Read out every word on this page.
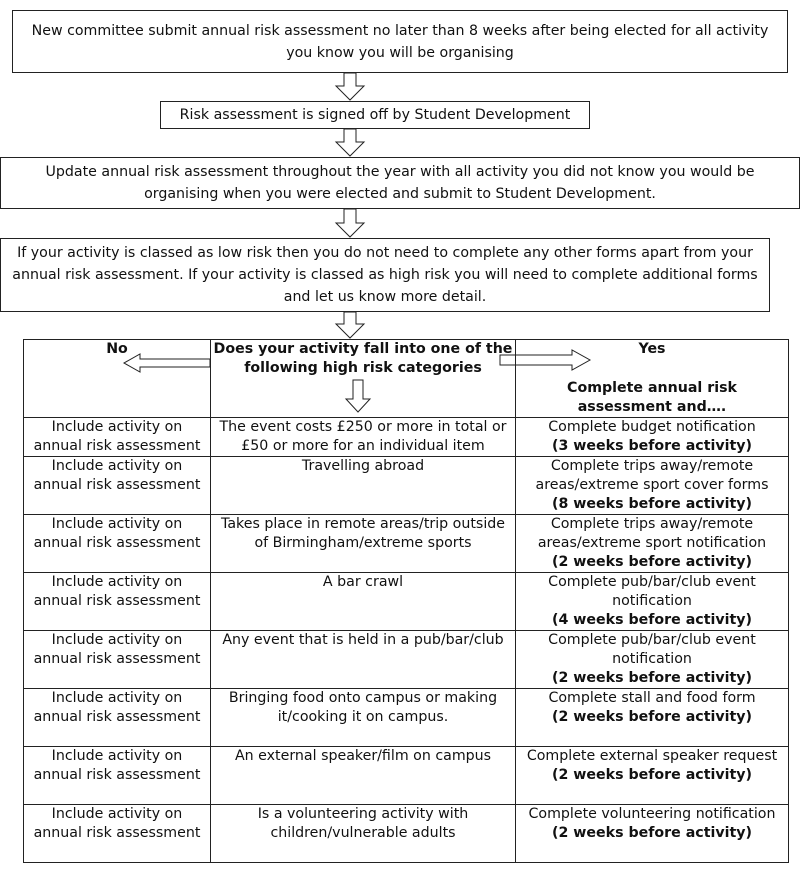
New committee submit annual risk assessment no later than 8 weeks after being elected for all activity you know you will be organising
Risk assessment is signed off by Student Development
Update annual risk assessment throughout the year with all activity you did not know you would be organising when you were elected and submit to Student Development.
If your activity is classed as low risk then you do not need to complete any other forms apart from your annual risk assessment. If your activity is classed as high risk you will need to complete additional forms and let us know more detail.
No	Does your activity fall into one of the following high risk categories	Yes
Complete annual risk assessment and….

Include activity on annual risk assessment	The event costs £250 or more in total or £50 or more for an individual item	Complete budget notification
(3 weeks before activity)

Include activity on annual risk assessment	Travelling abroad	Complete trips away/remote areas/extreme sport cover forms
(8 weeks before activity)

Include activity on annual risk assessment	Takes place in remote areas/trip outside of Birmingham/extreme sports	Complete trips away/remote areas/extreme sport notification
(2 weeks before activity)

Include activity on annual risk assessment	A bar crawl	Complete pub/bar/club event notification
(4 weeks before activity)

Include activity on annual risk assessment	Any event that is held in a pub/bar/club	Complete pub/bar/club event notification
(2 weeks before activity)

Include activity on annual risk assessment	Bringing food onto campus or making it/cooking it on campus.	Complete stall and food form
(2 weeks before activity)

Include activity on annual risk assessment	An external speaker/film on campus	Complete external speaker request
(2 weeks before activity)

Include activity on annual risk assessment	Is a volunteering activity with children/vulnerable adults	Complete volunteering notification
(2 weeks before activity)
